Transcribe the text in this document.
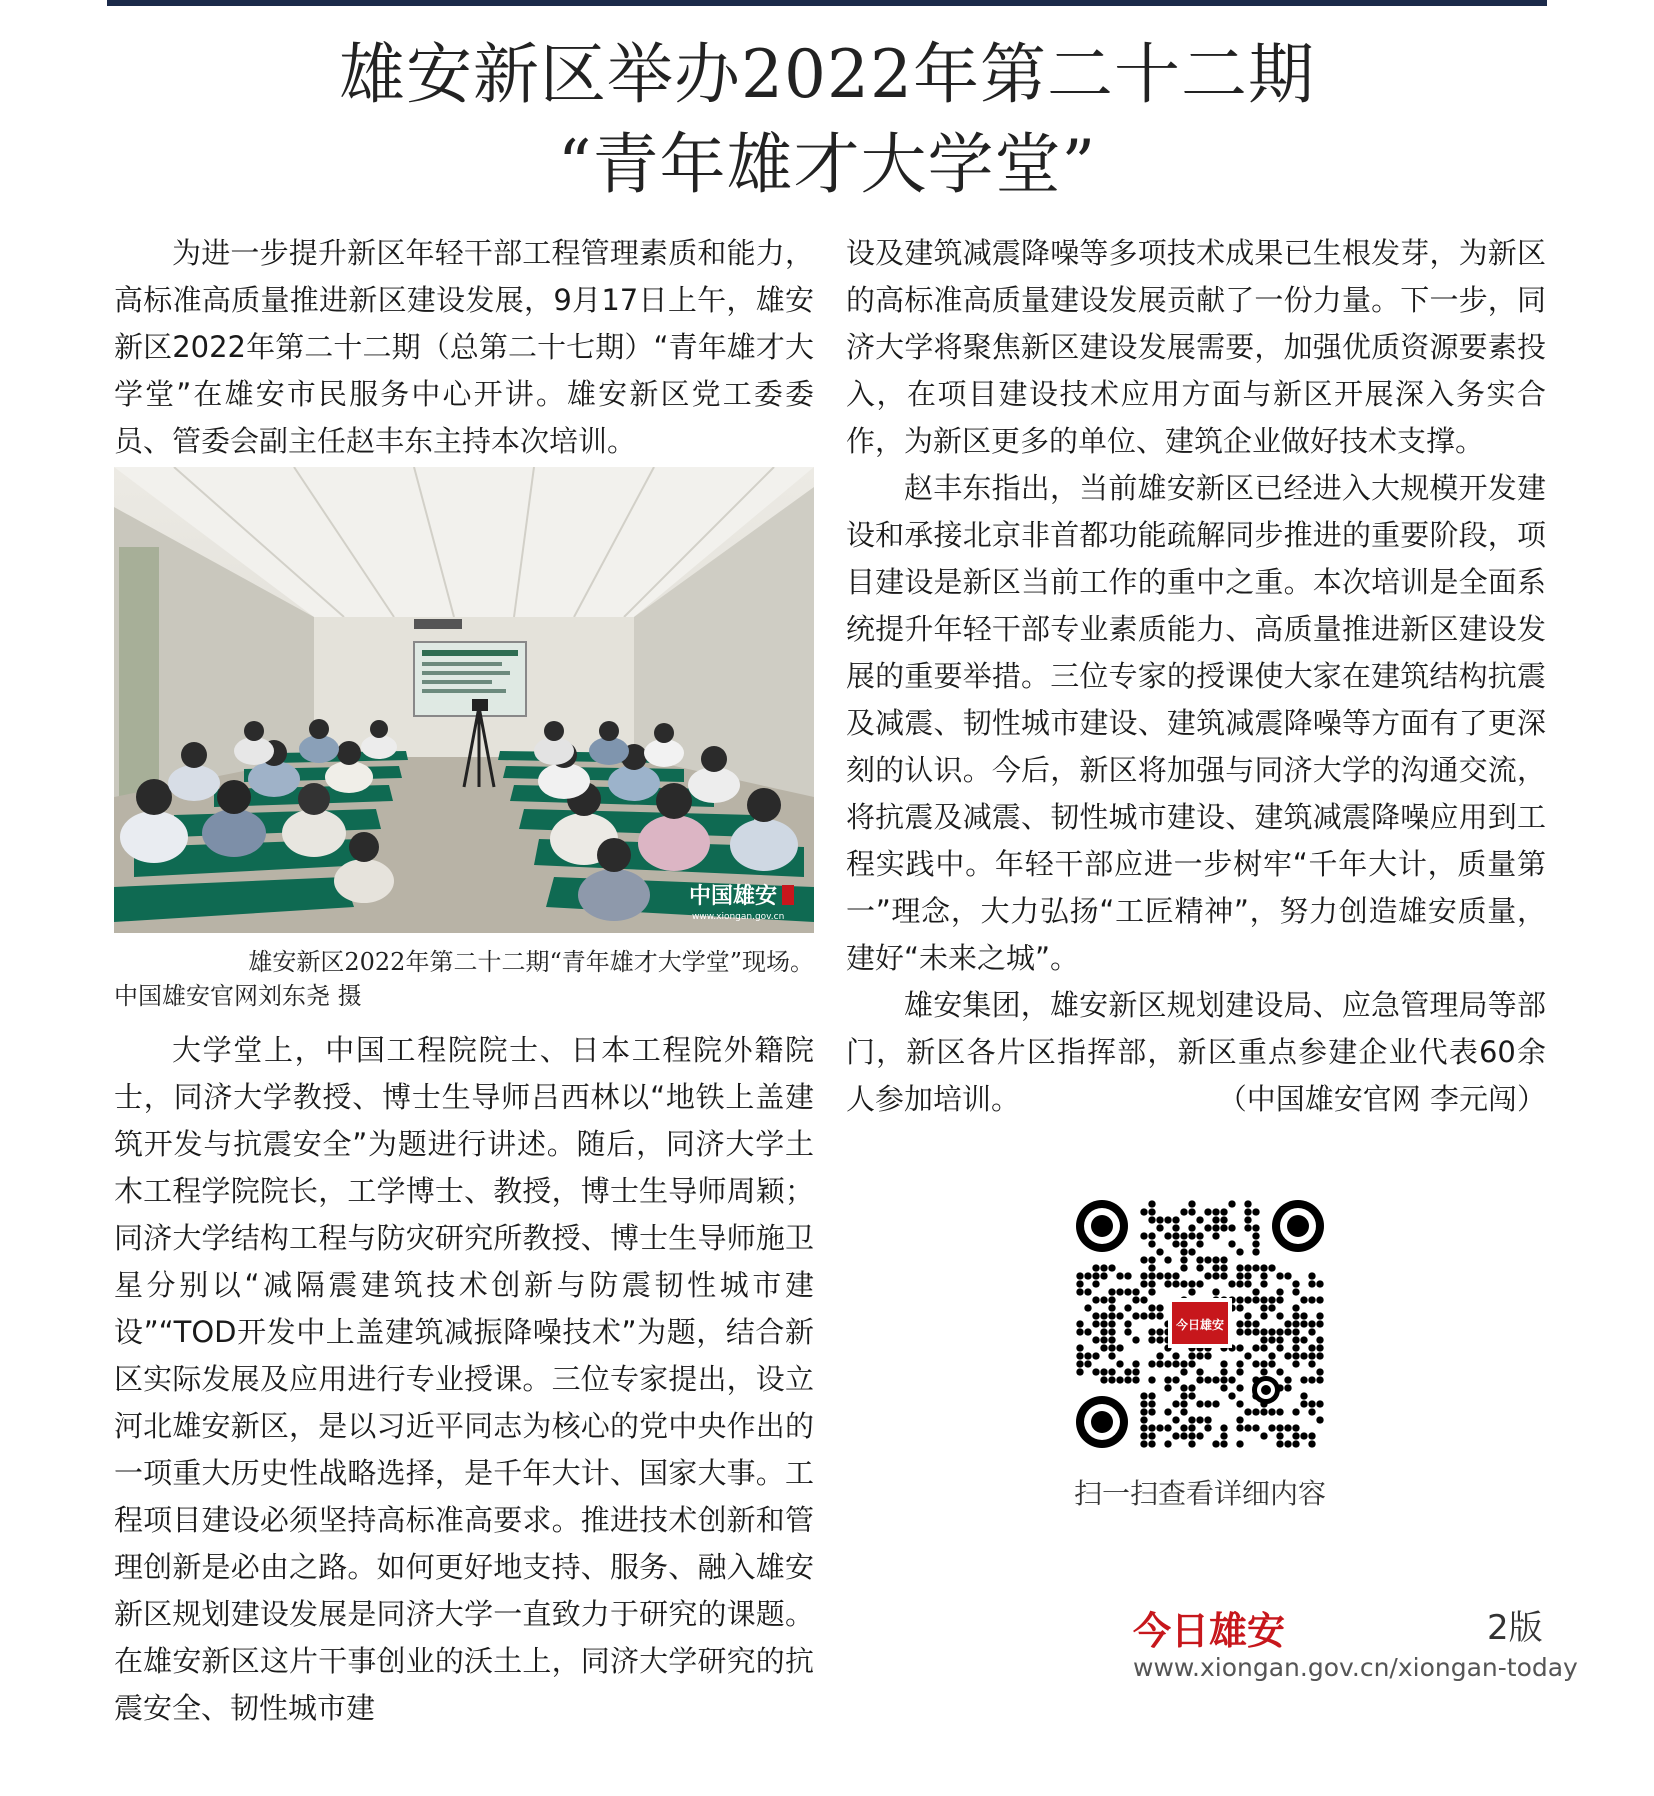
雄安新区举办2022年第二十二期
“青年雄才大学堂”

为进一步提升新区年轻干部工程管理素质和能力，高标准高质量推进新区建设发展，9月17日上午，雄安新区2022年第二十二期（总第二十七期）“青年雄才大学堂”在雄安市民服务中心开讲。雄安新区党工委委员、管委会副主任赵丰东主持本次培训。

中国雄安
www.xiongan.gov.cn
雄安新区2022年第二十二期“青年雄才大学堂”现场。
中国雄安官网刘东尧 摄

大学堂上，中国工程院院士、日本工程院外籍院士，同济大学教授、博士生导师吕西林以“地铁上盖建筑开发与抗震安全”为题进行讲述。随后，同济大学土木工程学院院长，工学博士、教授，博士生导师周颖；同济大学结构工程与防灾研究所教授、博士生导师施卫星分别以“减隔震建筑技术创新与防震韧性城市建设”“TOD开发中上盖建筑减振降噪技术”为题，结合新区实际发展及应用进行专业授课。三位专家提出，设立河北雄安新区，是以习近平同志为核心的党中央作出的一项重大历史性战略选择，是千年大计、国家大事。工程项目建设必须坚持高标准高要求。推进技术创新和管理创新是必由之路。如何更好地支持、服务、融入雄安新区规划建设发展是同济大学一直致力于研究的课题。在雄安新区这片干事创业的沃土上，同济大学研究的抗震安全、韧性城市建

设及建筑减震降噪等多项技术成果已生根发芽，为新区的高标准高质量建设发展贡献了一份力量。下一步，同济大学将聚焦新区建设发展需要，加强优质资源要素投入，在项目建设技术应用方面与新区开展深入务实合作，为新区更多的单位、建筑企业做好技术支撑。

赵丰东指出，当前雄安新区已经进入大规模开发建设和承接北京非首都功能疏解同步推进的重要阶段，项目建设是新区当前工作的重中之重。本次培训是全面系统提升年轻干部专业素质能力、高质量推进新区建设发展的重要举措。三位专家的授课使大家在建筑结构抗震及减震、韧性城市建设、建筑减震降噪等方面有了更深刻的认识。今后，新区将加强与同济大学的沟通交流，将抗震及减震、韧性城市建设、建筑减震降噪应用到工程实践中。年轻干部应进一步树牢“千年大计，质量第一”理念，大力弘扬“工匠精神”，努力创造雄安质量，建好“未来之城”。

雄安集团，雄安新区规划建设局、应急管理局等部门，新区各片区指挥部，新区重点参建企业代表60余人参加培训。	（中国雄安官网 李元闯）

今日雄安
扫一扫查看详细内容
今日雄安	2版
www.xiongan.gov.cn/xiongan-today
